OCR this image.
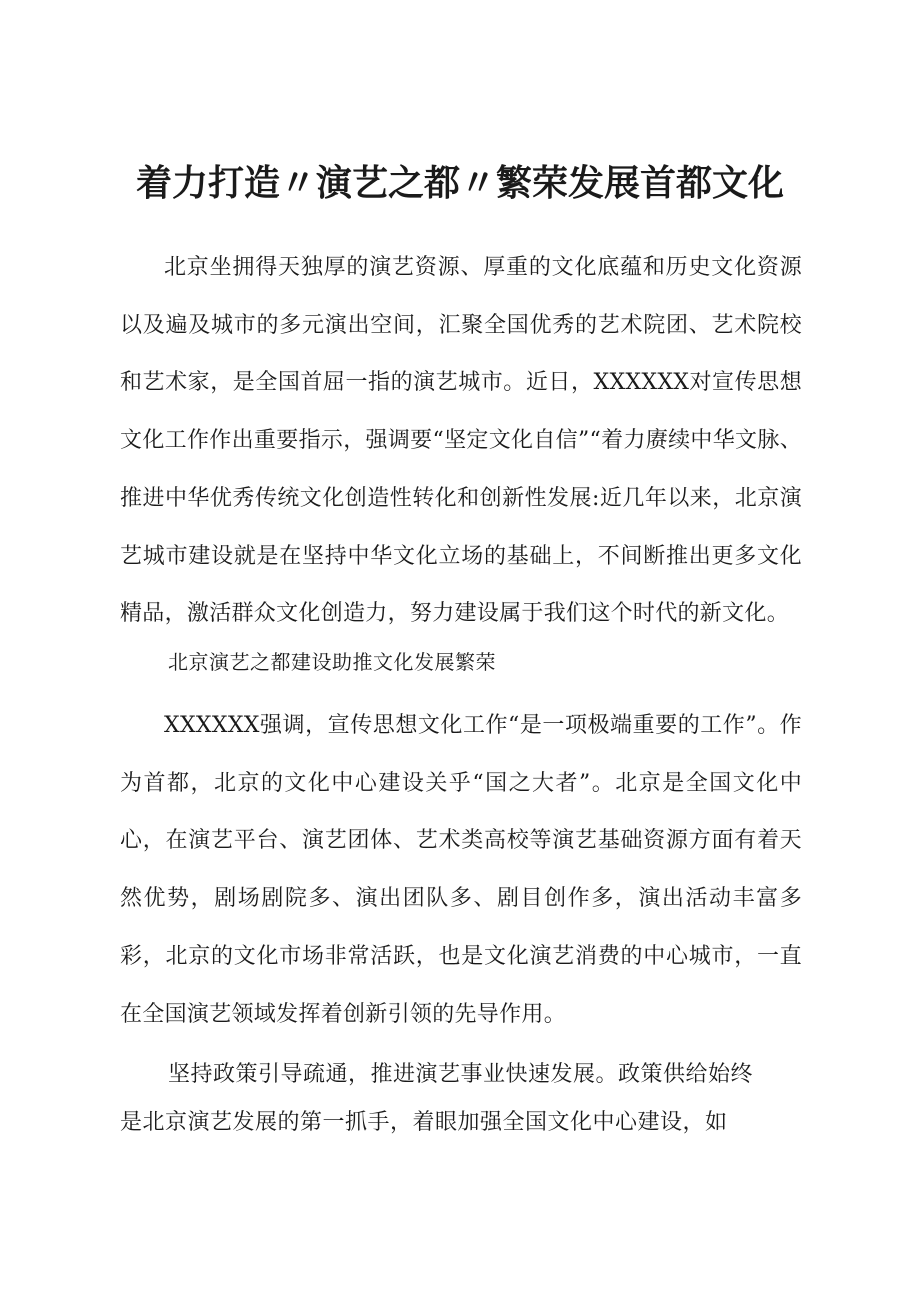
着力打造〃演艺之都〃繁荣发展首都文化

北京坐拥得天独厚的演艺资源、厚重的文化底蕴和历史文化资源以及遍及城市的多元演出空间，汇聚全国优秀的艺术院团、艺术院校和艺术家，是全国首屈一指的演艺城市。近日，XXXXXX对宣传思想文化工作作出重要指示，强调要“坚定文化自信”“着力赓续中华文脉、推进中华优秀传统文化创造性转化和创新性发展:近几年以来，北京演艺城市建设就是在坚持中华文化立场的基础上，不间断推出更多文化精品，激活群众文化创造力，努力建设属于我们这个时代的新文化。

北京演艺之都建设助推文化发展繁荣

XXXXXX强调，宣传思想文化工作“是一项极端重要的工作”。作为首都，北京的文化中心建设关乎“国之大者”。北京是全国文化中心，在演艺平台、演艺团体、艺术类高校等演艺基础资源方面有着天然优势，剧场剧院多、演出团队多、剧目创作多，演出活动丰富多彩，北京的文化市场非常活跃，也是文化演艺消费的中心城市，一直在全国演艺领域发挥着创新引领的先导作用。

坚持政策引导疏通，推进演艺事业快速发展。政策供给始终

是北京演艺发展的第一抓手，着眼加强全国文化中心建设，如
